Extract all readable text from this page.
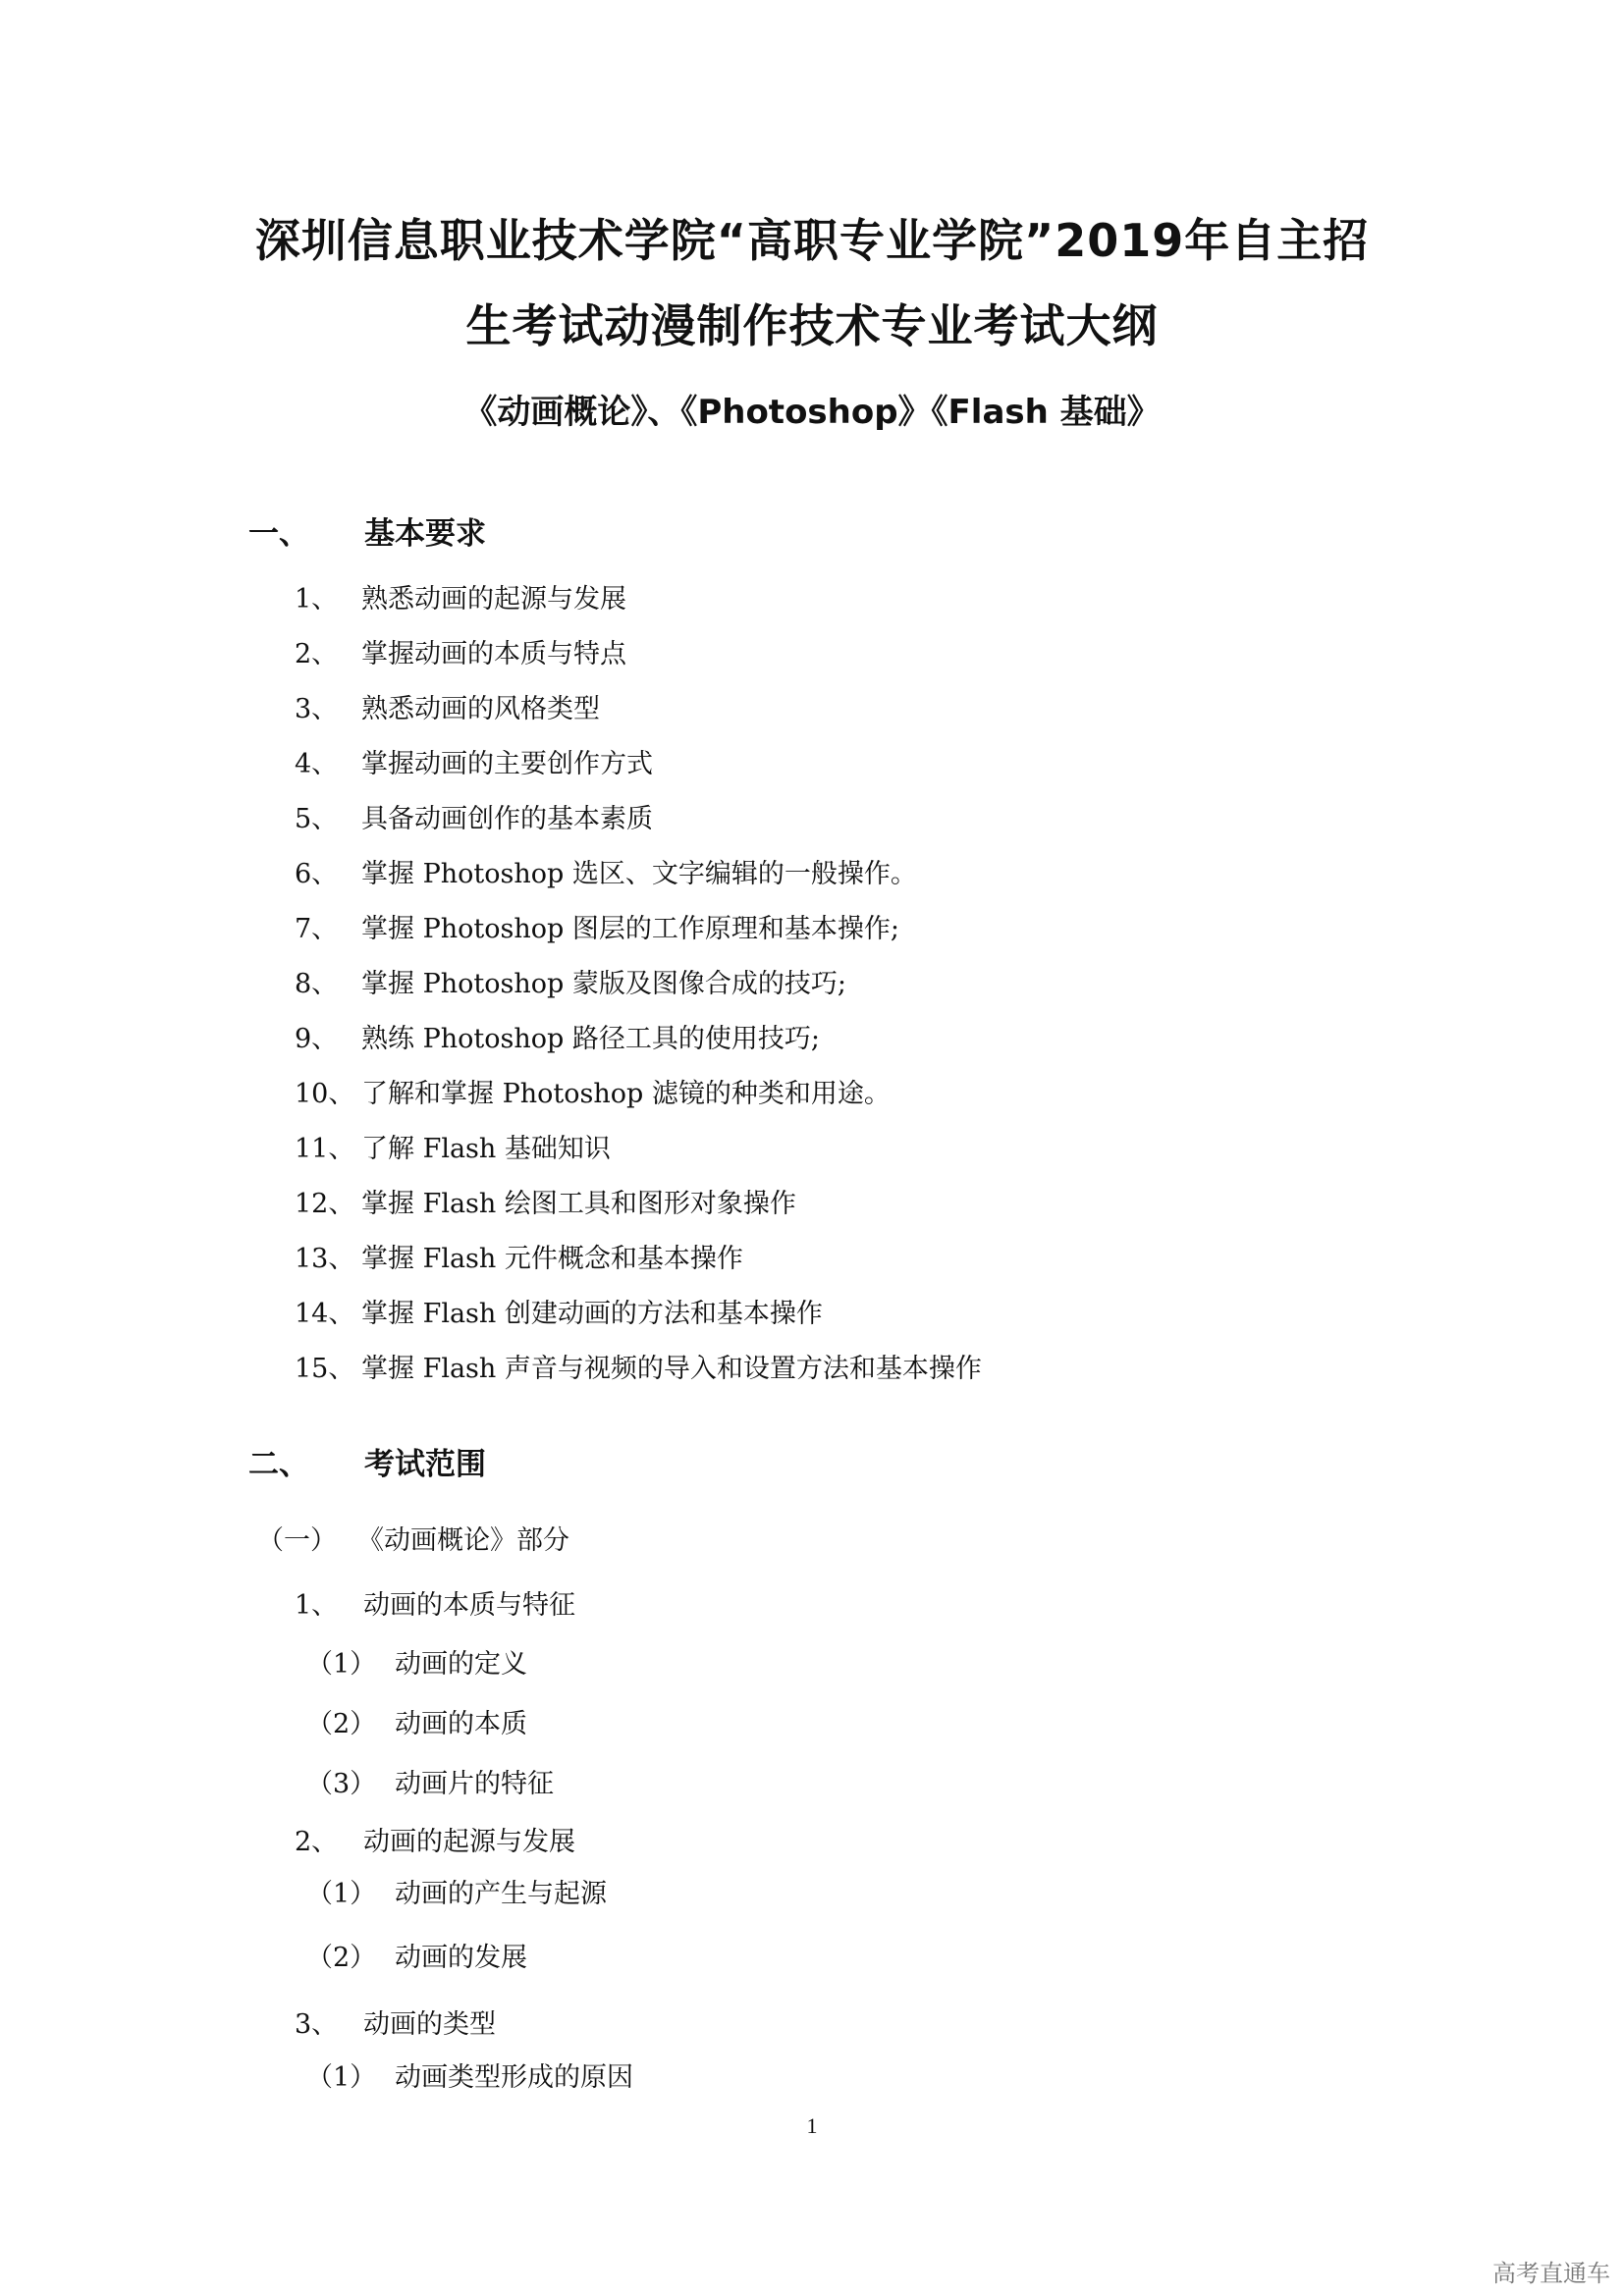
深圳信息职业技术学院“高职专业学院”2019年自主招
生考试动漫制作技术专业考试大纲
《动画概论》、《Photoshop》《Flash 基础》
一、	基本要求
1、 熟悉动画的起源与发展
2、 掌握动画的本质与特点
3、 熟悉动画的风格类型
4、 掌握动画的主要创作方式
5、 具备动画创作的基本素质
6、 掌握 Photoshop 选区、文字编辑的一般操作。
7、 掌握 Photoshop 图层的工作原理和基本操作;
8、 掌握 Photoshop 蒙版及图像合成的技巧;
9、 熟练 Photoshop 路径工具的使用技巧;
10、 了解和掌握 Photoshop 滤镜的种类和用途。
11、 了解 Flash 基础知识
12、 掌握 Flash 绘图工具和图形对象操作
13、 掌握 Flash 元件概念和基本操作
14、 掌握 Flash 创建动画的方法和基本操作
15、 掌握 Flash 声音与视频的导入和设置方法和基本操作
二、	考试范围
（一） 《动画概论》部分
1、 动画的本质与特征
（1） 动画的定义
（2） 动画的本质
（3） 动画片的特征
2、 动画的起源与发展
（1） 动画的产生与起源
（2） 动画的发展
3、 动画的类型
（1） 动画类型形成的原因
1
高考直通车
